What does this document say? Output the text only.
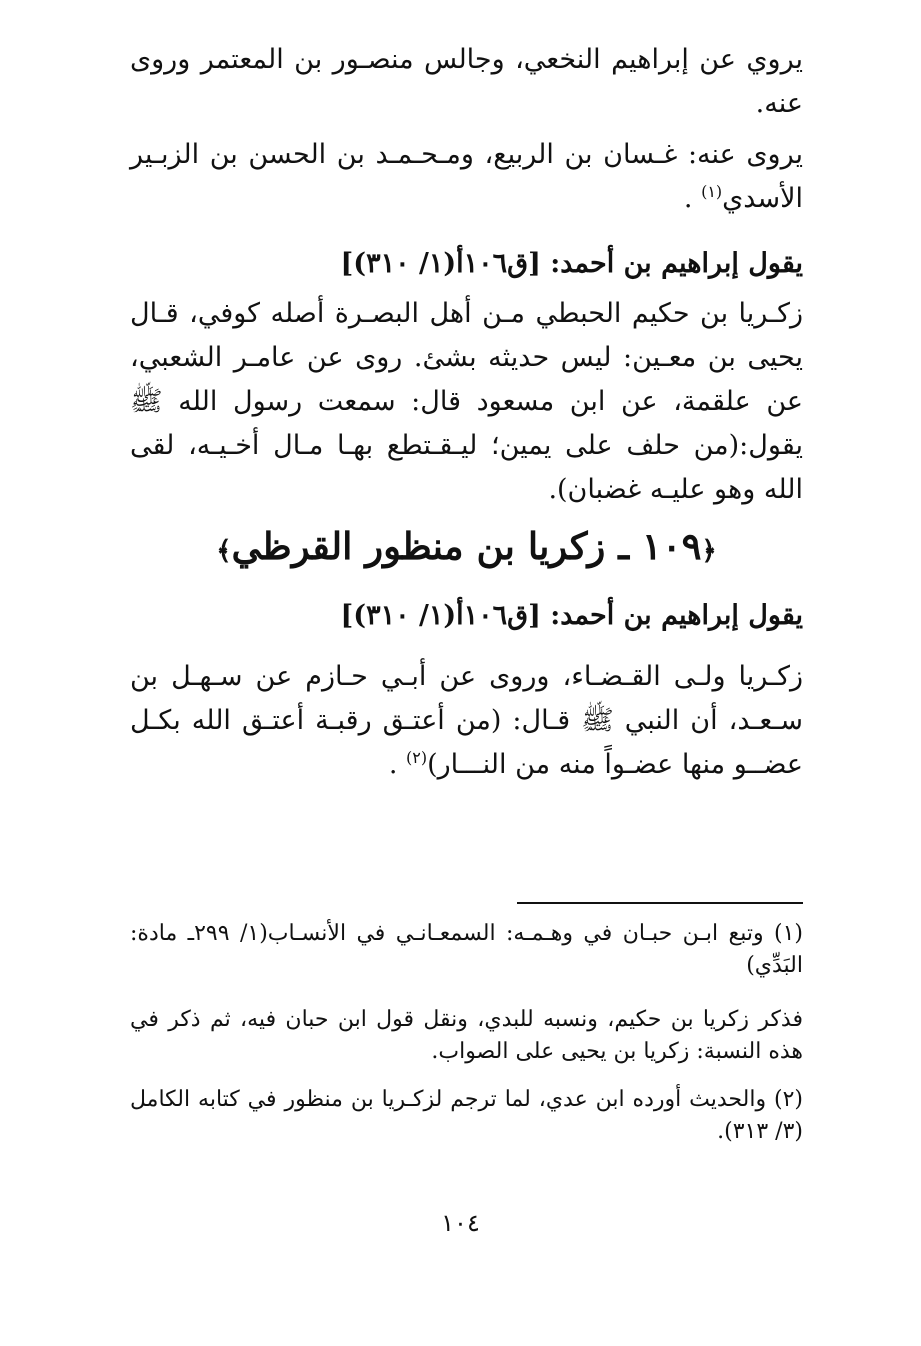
يروي عن إبراهيم النخعي، وجالس منصـور بن المعتمر وروى عنه.
يروى عنه: غـسان بن الربيع، ومـحـمـد بن الحسن بن الزبـير الأسدي$^{(١)}$ .
يقول إبراهيم بن أحمد: [ق١٠٦أ(١/ ٣١٠)]
زكـريا بن حكيم الحبطي مـن أهل البصـرة أصله كوفي، قـال يحيى بن معـين: ليس حديثه بشئ. روى عن عامـر الشعبي، عن علقمة، عن ابن مسعود قال: سمعت رسول الله ﷺ يقول:(من حلف على يمين؛ ليـقـتطع بهـا مـال أخـيـه، لقى الله وهو عليـه غضبان).
﴿١٠٩ ـ زكريا بن منظور القرظي﴾
يقول إبراهيم بن أحمد: [ق١٠٦أ(١/ ٣١٠)]
زكـريا ولـى القـضـاء، وروى عن أبـي حـازم عن سـهـل بن سـعـد، أن النبي ﷺ قـال: (من أعتـق رقبـة أعتـق الله بكـل عضــو منها عضـواً منه من النـــار)$^{(٢)}$ .
(١) وتبع ابـن حبـان في وهـمـه: السمعـانـي في الأنسـاب(١/ ٢٩٩ـ مادة: البَدِّي)
فذكر زكريا بن حكيم، ونسبه للبدي، ونقل قول ابن حبان فيه، ثم ذكر في هذه النسبة: زكريا بن يحيى على الصواب.
(٢) والحديث أورده ابن عدي، لما ترجم لزكـريا بن منظور في كتابه الكامل (٣/ ٣١٣).
١٠٤
